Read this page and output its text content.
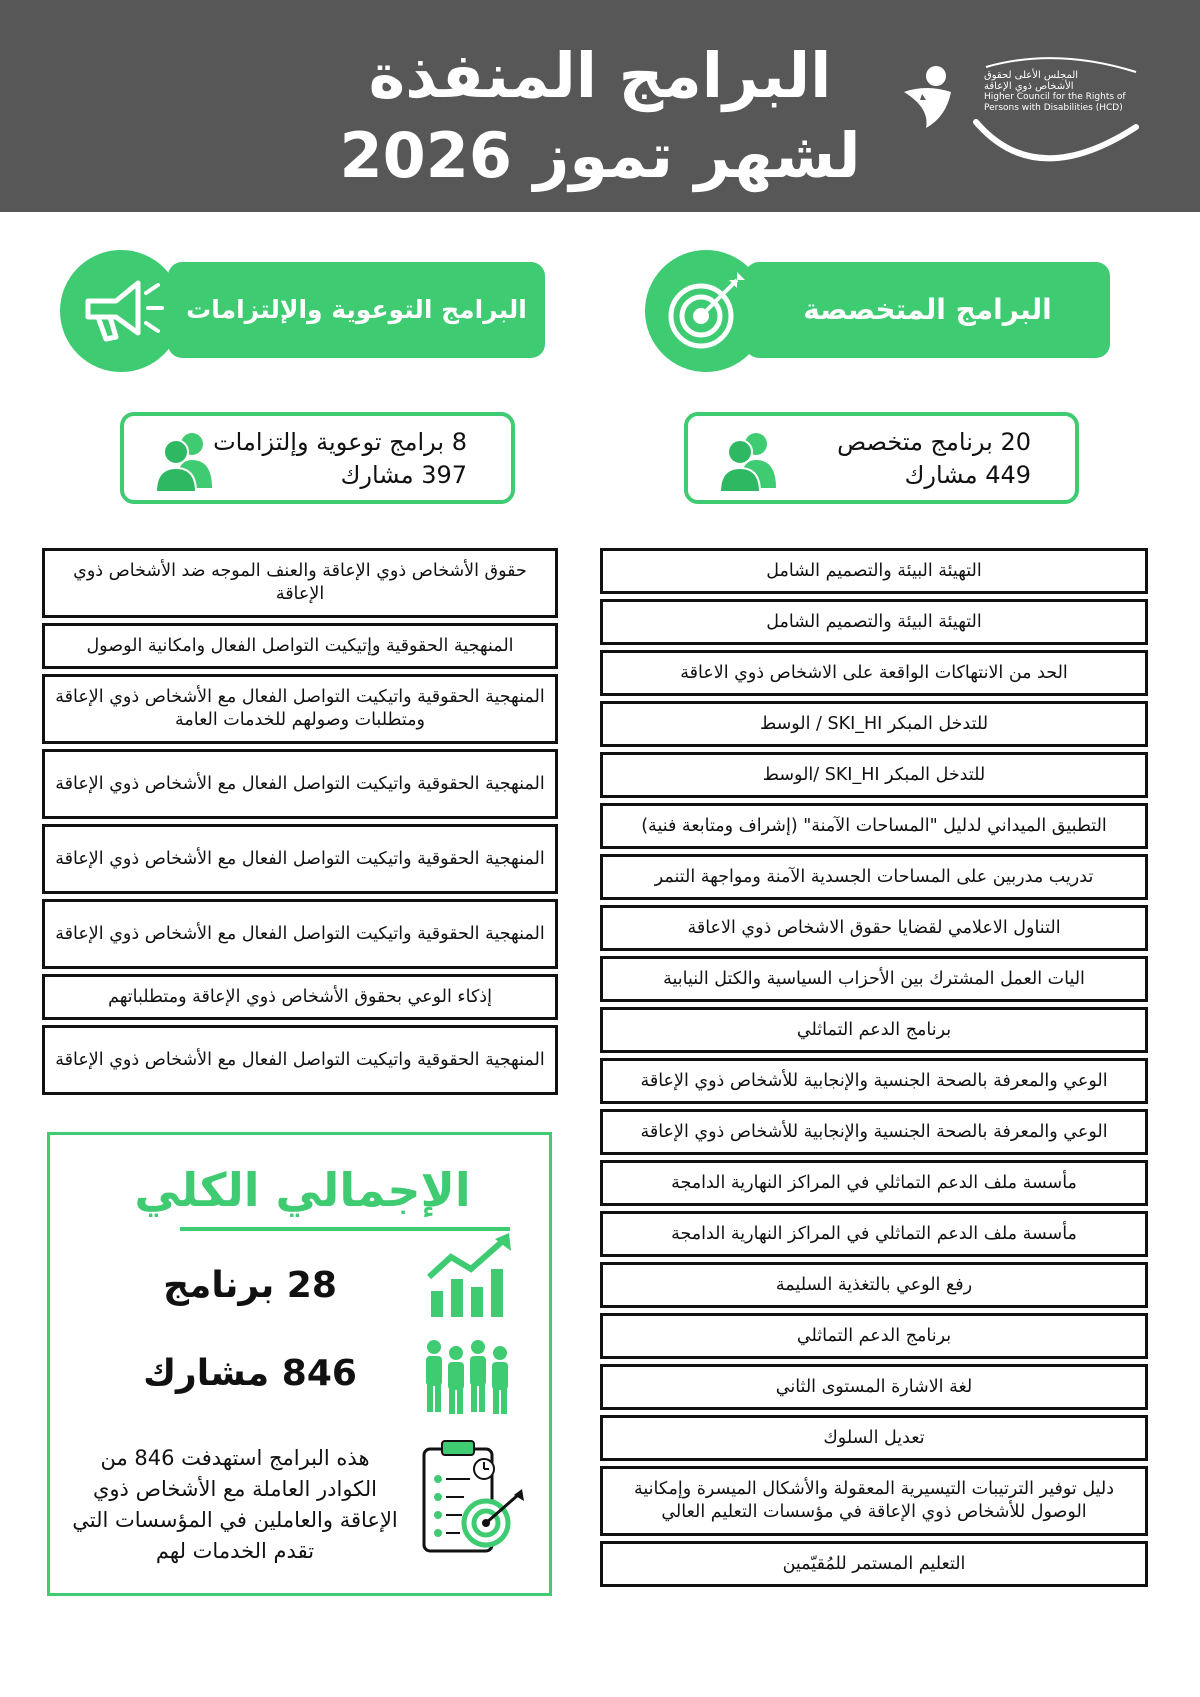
البرامج المنفذة
لشهر تموز 2026
المجلس الأعلى لحقوق
الأشخاص ذوي الإعاقة
Higher Council for the Rights of
Persons with Disabilities (HCD)
البرامج المتخصصة
البرامج التوعوية والإلتزامات
20 برنامج متخصص
449 مشارك
8 برامج توعوية وإلتزامات
397 مشارك
التهيئة البيئة والتصميم الشامل
التهيئة البيئة والتصميم الشامل
الحد من الانتهاكات الواقعة على الاشخاص ذوي الاعاقة
للتدخل المبكر SKI_HI / الوسط
للتدخل المبكر SKI_HI /الوسط
التطبيق الميداني لدليل "المساحات الآمنة" (إشراف ومتابعة فنية)
تدريب مدربين على المساحات الجسدية الآمنة ومواجهة التنمر
التناول الاعلامي لقضايا حقوق الاشخاص ذوي الاعاقة
اليات العمل المشترك بين الأحزاب السياسية والكتل النيابية
برنامج الدعم التماثلي
الوعي والمعرفة بالصحة الجنسية والإنجابية للأشخاص ذوي الإعاقة
الوعي والمعرفة بالصحة الجنسية والإنجابية للأشخاص ذوي الإعاقة
مأسسة ملف الدعم التماثلي في المراكز النهارية الدامجة
مأسسة ملف الدعم التماثلي في المراكز النهارية الدامجة
رفع الوعي بالتغذية السليمة
برنامج الدعم التماثلي
لغة الاشارة المستوى الثاني
تعديل السلوك
دليل توفير الترتيبات التيسيرية المعقولة والأشكال الميسرة وإمكانية الوصول للأشخاص ذوي الإعاقة في مؤسسات التعليم العالي
التعليم المستمر للمُقيّمين
حقوق الأشخاص ذوي الإعاقة والعنف الموجه ضد الأشخاص ذوي الإعاقة
المنهجية الحقوقية وإتيكيت التواصل الفعال وامكانية الوصول
المنهجية الحقوقية واتيكيت التواصل الفعال مع الأشخاص ذوي الإعاقة ومتطلبات وصولهم للخدمات العامة
المنهجية الحقوقية واتيكيت التواصل الفعال مع الأشخاص ذوي الإعاقة
المنهجية الحقوقية واتيكيت التواصل الفعال مع الأشخاص ذوي الإعاقة
المنهجية الحقوقية واتيكيت التواصل الفعال مع الأشخاص ذوي الإعاقة
إذكاء الوعي بحقوق الأشخاص ذوي الإعاقة ومتطلباتهم
المنهجية الحقوقية واتيكيت التواصل الفعال مع الأشخاص ذوي الإعاقة
الإجمالي الكلي
28 برنامج
846 مشارك
هذه البرامج استهدفت 846 من الكوادر العاملة مع الأشخاص ذوي الإعاقة والعاملين في المؤسسات التي تقدم الخدمات لهم
